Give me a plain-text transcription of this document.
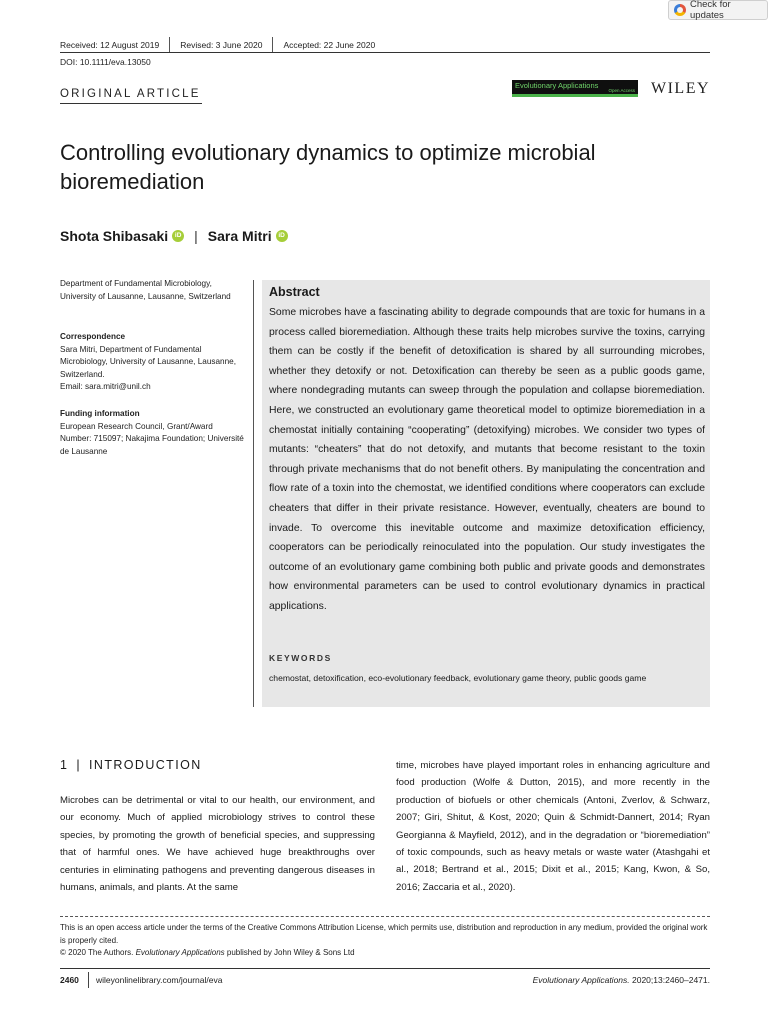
Check for updates
Received: 12 August 2019 Revised: 3 June 2020 Accepted: 22 June 2020
DOI: 10.1111/eva.13050
ORIGINAL ARTICLE
Evolutionary Applications
Open Access WILEY
Controlling evolutionary dynamics to optimize microbial bioremediation
Shota Shibasaki	iD | Sara Mitri	iD
Department of Fundamental Microbiology, University of Lausanne, Lausanne, Switzerland
Correspondence
Sara Mitri, Department of Fundamental Microbiology, University of Lausanne, Lausanne, Switzerland.
Email: sara.mitri@unil.ch
Funding information
European Research Council, Grant/Award Number: 715097; Nakajima Foundation; Université de Lausanne
Abstract
Some microbes have a fascinating ability to degrade compounds that are toxic for humans in a process called bioremediation. Although these traits help microbes survive the toxins, carrying them can be costly if the benefit of detoxification is shared by all surrounding microbes, whether they detoxify or not. Detoxification can thereby be seen as a public goods game, where nondegrading mutants can sweep through the population and collapse bioremediation. Here, we constructed an evolutionary game theoretical model to optimize bioremediation in a chemostat initially containing “cooperating” (detoxifying) microbes. We consider two types of mutants: “cheaters” that do not detoxify, and mutants that become resistant to the toxin through private mechanisms that do not benefit others. By manipulating the concentration and flow rate of a toxin into the chemostat, we identified conditions where cooperators can exclude cheaters that differ in their private resistance. However, eventually, cheaters are bound to invade. To overcome this inevitable outcome and maximize detoxification efficiency, cooperators can be periodically reinoculated into the population. Our study investigates the outcome of an evolutionary game combining both public and private goods and demonstrates how environmental parameters can be used to control evolutionary dynamics in practical applications.
KEYWORDS
chemostat, detoxification, eco-evolutionary feedback, evolutionary game theory, public goods game
1 | INTRODUCTION
Microbes can be detrimental or vital to our health, our environment, and our economy. Much of applied microbiology strives to control these species, by promoting the growth of beneficial species, and suppressing that of harmful ones. We have achieved huge breakthroughs over centuries in eliminating pathogens and preventing dangerous diseases in humans, animals, and plants. At the same
time, microbes have played important roles in enhancing agriculture and food production (Wolfe & Dutton, 2015), and more recently in the production of biofuels or other chemicals (Antoni, Zverlov, & Schwarz, 2007; Giri, Shitut, & Kost, 2020; Quin & Schmidt-Dannert, 2014; Ryan Georgianna & Mayfield, 2012), and in the degradation or “bioremediation” of toxic compounds, such as heavy metals or waste water (Atashgahi et al., 2018; Bertrand et al., 2015; Dixit et al., 2015; Kang, Kwon, & So, 2016; Zaccaria et al., 2020).
This is an open access article under the terms of the Creative Commons Attribution License, which permits use, distribution and reproduction in any medium, provided the original work is properly cited.
© 2020 The Authors. Evolutionary Applications published by John Wiley & Sons Ltd
2460 wileyonlinelibrary.com/journal/eva	Evolutionary Applications. 2020;13:2460–2471.
